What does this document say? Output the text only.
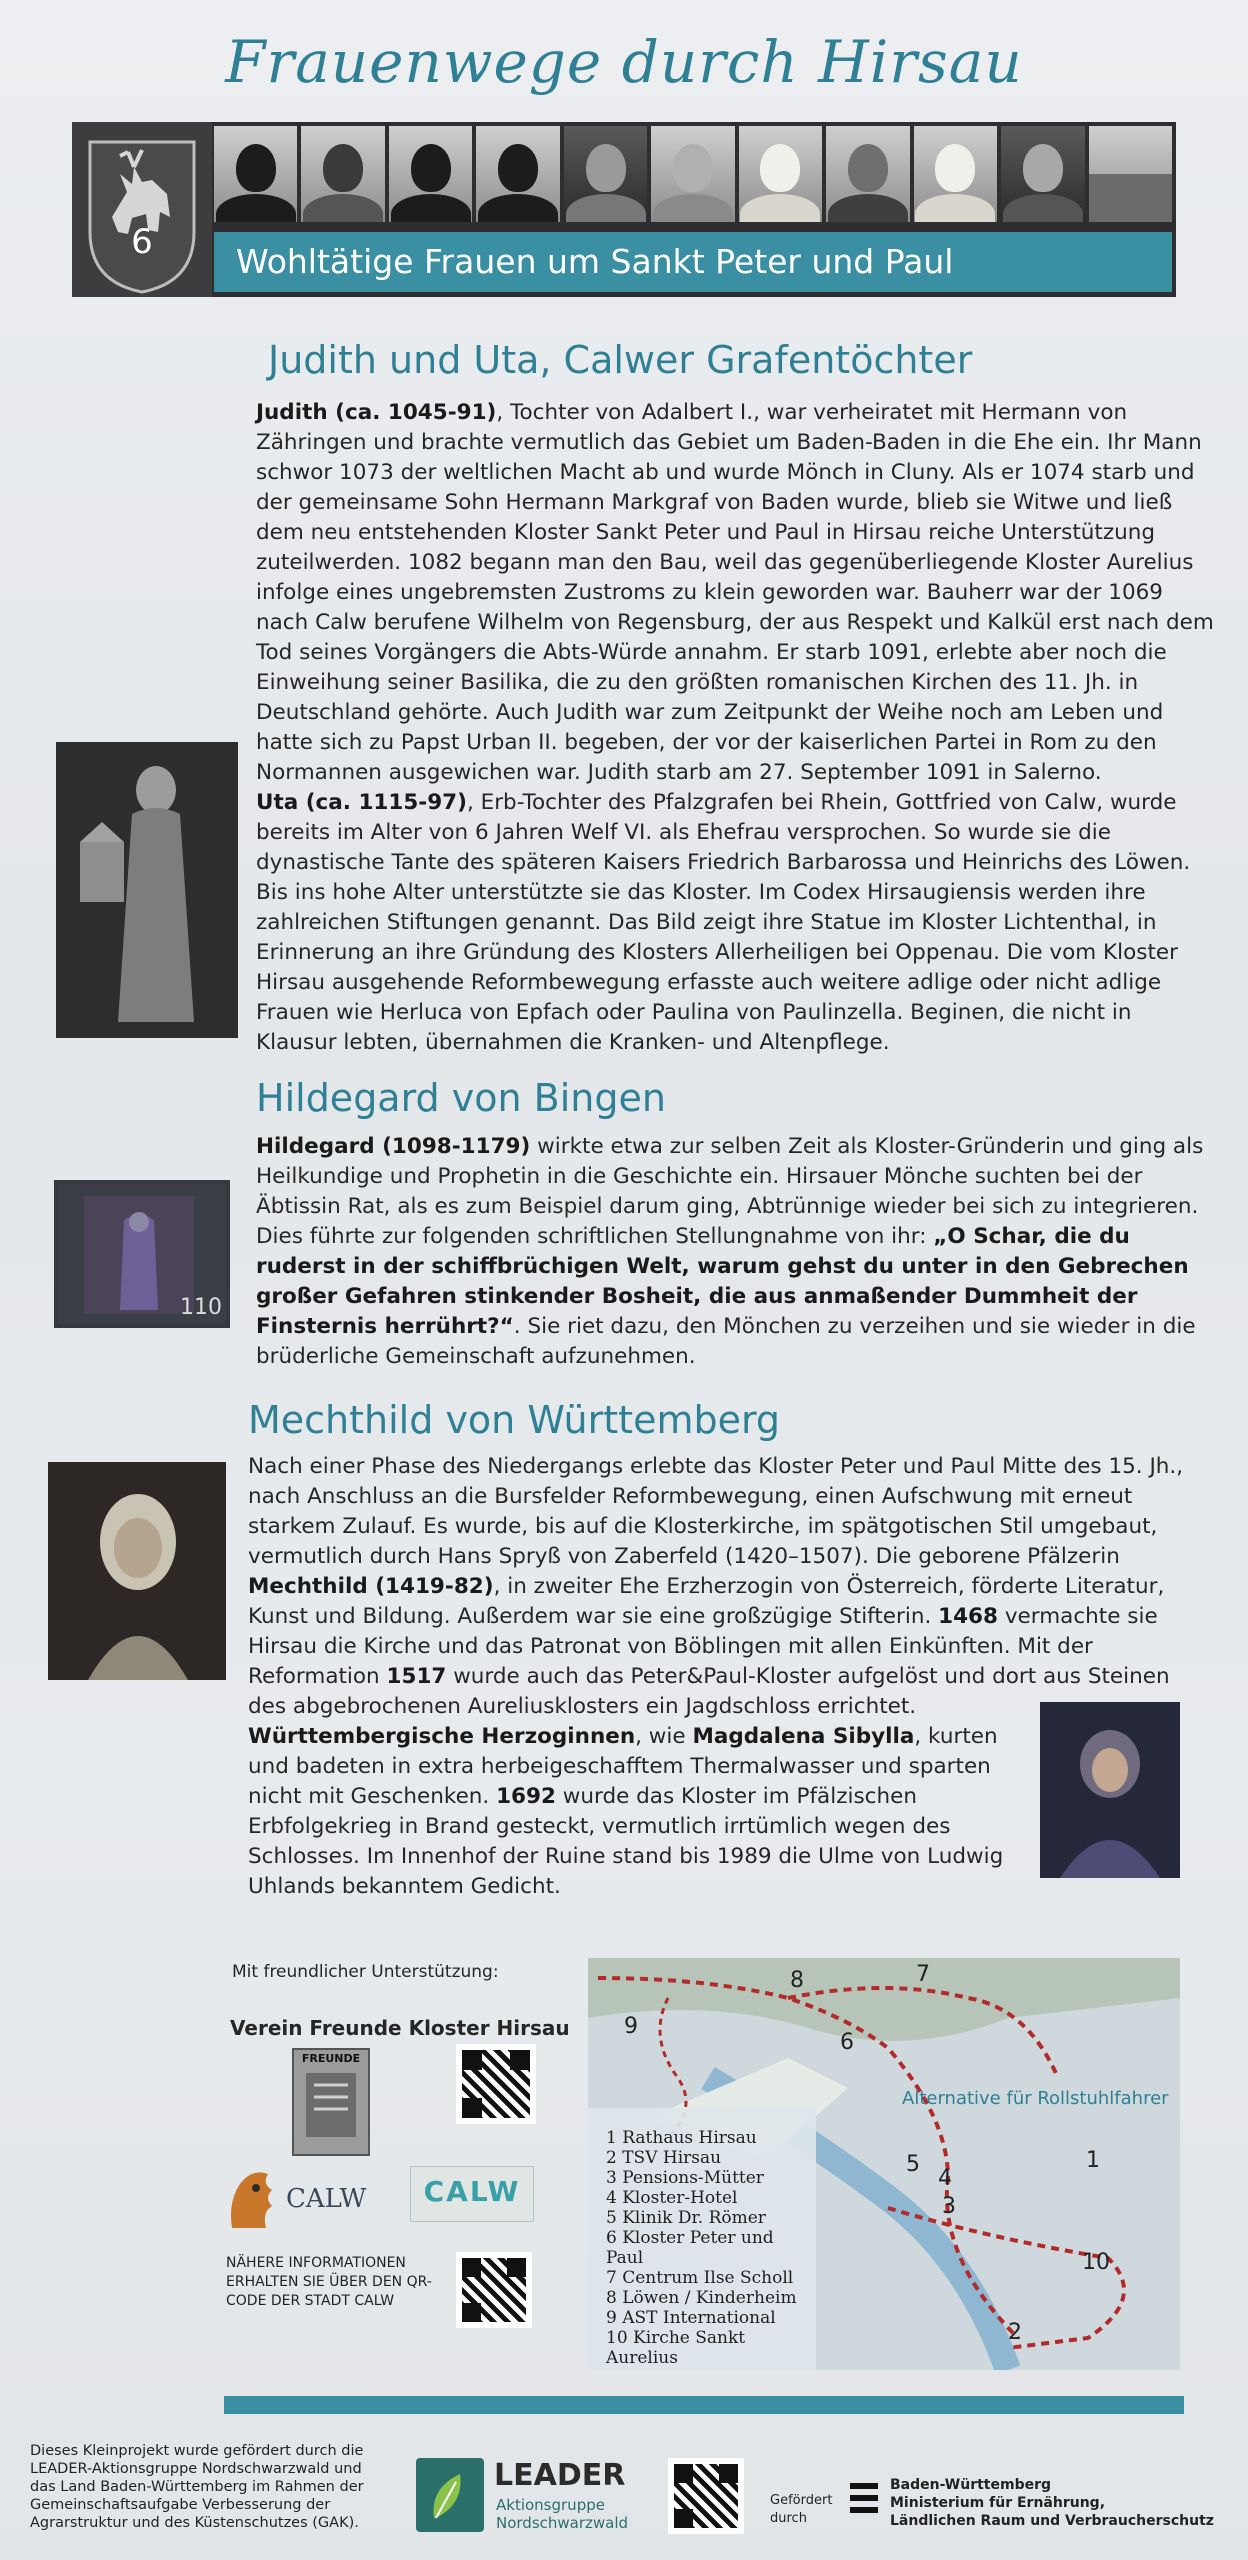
Frauenwege durch Hirsau
6	Wohltätige Frauen um Sankt Peter und Paul
Judith und Uta, Calwer Grafentöchter
Judith (ca. 1045-91), Tochter von Adalbert I., war verheiratet mit Hermann von Zähringen und brachte vermutlich das Gebiet um Baden-Baden in die Ehe ein. Ihr Mann schwor 1073 der weltlichen Macht ab und wurde Mönch in Cluny. Als er 1074 starb und der gemeinsame Sohn Hermann Markgraf von Baden wurde, blieb sie Witwe und ließ dem neu entstehenden Kloster Sankt Peter und Paul in Hirsau reiche Unterstützung zuteilwerden. 1082 begann man den Bau, weil das gegenüberliegende Kloster Aurelius infolge eines ungebremsten Zustroms zu klein geworden war. Bauherr war der 1069 nach Calw berufene Wilhelm von Regensburg, der aus Respekt und Kalkül erst nach dem Tod seines Vorgängers die Abts-Würde annahm. Er starb 1091, erlebte aber noch die Einweihung seiner Basilika, die zu den größten romanischen Kirchen des 11. Jh. in Deutschland gehörte. Auch Judith war zum Zeitpunkt der Weihe noch am Leben und hatte sich zu Papst Urban II. begeben, der vor der kaiserlichen Partei in Rom zu den Normannen ausgewichen war. Judith starb am 27. September 1091 in Salerno.
Uta (ca. 1115-97), Erb-Tochter des Pfalzgrafen bei Rhein, Gottfried von Calw, wurde bereits im Alter von 6 Jahren Welf VI. als Ehefrau versprochen. So wurde sie die dynastische Tante des späteren Kaisers Friedrich Barbarossa und Heinrichs des Löwen. Bis ins hohe Alter unterstützte sie das Kloster. Im Codex Hirsaugiensis werden ihre zahlreichen Stiftungen genannt. Das Bild zeigt ihre Statue im Kloster Lichtenthal, in Erinnerung an ihre Gründung des Klosters Allerheiligen bei Oppenau. Die vom Kloster Hirsau ausgehende Reformbewegung erfasste auch weitere adlige oder nicht adlige Frauen wie Herluca von Epfach oder Paulina von Paulinzella. Beginen, die nicht in Klausur lebten, übernahmen die Kranken- und Altenpflege.
Hildegard von Bingen
Hildegard (1098-1179) wirkte etwa zur selben Zeit als Kloster-Gründerin und ging als Heilkundige und Prophetin in die Geschichte ein. Hirsauer Mönche suchten bei der Äbtissin Rat, als es zum Beispiel darum ging, Abtrünnige wieder bei sich zu integrieren. Dies führte zur folgenden schriftlichen Stellungnahme von ihr: „O Schar, die du ruderst in der schiffbrüchigen Welt, warum gehst du unter in den Gebrechen großer Gefahren stinkender Bosheit, die aus anmaßender Dummheit der Finsternis herrührt?“. Sie riet dazu, den Mönchen zu verzeihen und sie wieder in die brüderliche Gemeinschaft aufzunehmen.
110
Mechthild von Württemberg
Nach einer Phase des Niedergangs erlebte das Kloster Peter und Paul Mitte des 15. Jh., nach Anschluss an die Bursfelder Reformbewegung, einen Aufschwung mit erneut starkem Zulauf. Es wurde, bis auf die Klosterkirche, im spätgotischen Stil umgebaut, vermutlich durch Hans Spryß von Zaberfeld (1420–1507). Die geborene Pfälzerin Mechthild (1419-82), in zweiter Ehe Erzherzogin von Österreich, förderte Literatur, Kunst und Bildung. Außerdem war sie eine großzügige Stifterin. 1468 vermachte sie Hirsau die Kirche und das Patronat von Böblingen mit allen Einkünften. Mit der Reformation 1517 wurde auch das Peter&Paul-Kloster aufgelöst und dort aus Steinen des abgebrochenen Aureliusklosters ein Jagdschloss errichtet.
Württembergische Herzoginnen, wie Magdalena Sibylla, kurten und badeten in extra herbeigeschafftem Thermalwasser und sparten nicht mit Geschenken. 1692 wurde das Kloster im Pfälzischen Erbfolgekrieg in Brand gesteckt, vermutlich irrtümlich wegen des Schlosses. Im Innenhof der Ruine stand bis 1989 die Ulme von Ludwig Uhlands bekanntem Gedicht.
Mit freundlicher Unterstützung:
Verein Freunde Kloster Hirsau
FREUNDE
CALW	CALW
NÄHERE INFORMATIONEN ERHALTEN SIE ÜBER DEN QR-CODE DER STADT CALW
Alternative für Rollstuhlfahrer
1
2
3
4
5
6
7
8
9
10
1 Rathaus Hirsau
2 TSV Hirsau
3 Pensions-Mütter
4 Kloster-Hotel
5 Klinik Dr. Römer
6 Kloster Peter und Paul
7 Centrum Ilse Scholl
8 Löwen / Kinderheim
9 AST International
10 Kirche Sankt Aurelius
Dieses Kleinprojekt wurde gefördert durch die LEADER-Aktionsgruppe Nordschwarzwald und das Land Baden-Württemberg im Rahmen der Gemeinschaftsaufgabe Verbesserung der Agrarstruktur und des Küstenschutzes (GAK).
LEADER
Aktionsgruppe
Nordschwarzwald
Gefördert durch
Baden-Württemberg
Ministerium für Ernährung,
Ländlichen Raum und Verbraucherschutz
